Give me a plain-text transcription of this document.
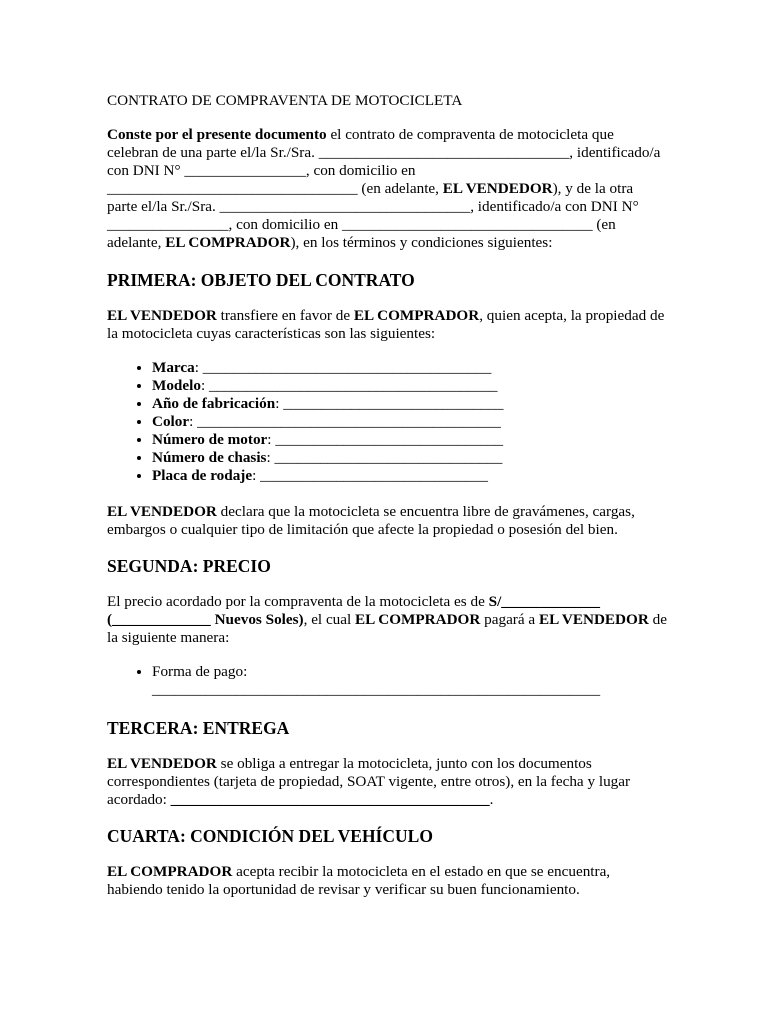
CONTRATO DE COMPRAVENTA DE MOTOCICLETA

Conste por el presente documento el contrato de compraventa de motocicleta que celebran de una parte el/la Sr./Sra. _________________________________, identificado/a con DNI N° ________________, con domicilio en _________________________________ (en adelante, EL VENDEDOR), y de la otra parte el/la Sr./Sra. _________________________________, identificado/a con DNI N° ________________, con domicilio en _________________________________ (en adelante, EL COMPRADOR), en los términos y condiciones siguientes:

PRIMERA: OBJETO DEL CONTRATO

EL VENDEDOR transfiere en favor de EL COMPRADOR, quien acepta, la propiedad de la motocicleta cuyas características son las siguientes:

• Marca: ______________________________________
• Modelo: ______________________________________
• Año de fabricación: _____________________________
• Color: ________________________________________
• Número de motor: ______________________________
• Número de chasis: ______________________________
• Placa de rodaje: ______________________________

EL VENDEDOR declara que la motocicleta se encuentra libre de gravámenes, cargas, embargos o cualquier tipo de limitación que afecte la propiedad o posesión del bien.

SEGUNDA: PRECIO

El precio acordado por la compraventa de la motocicleta es de S/_____________ (_____________ Nuevos Soles), el cual EL COMPRADOR pagará a EL VENDEDOR de la siguiente manera:

• Forma de pago: ___________________________________________________________
TERCERA: ENTREGA

EL VENDEDOR se obliga a entregar la motocicleta, junto con los documentos correspondientes (tarjeta de propiedad, SOAT vigente, entre otros), en la fecha y lugar acordado: __________________________________________.

CUARTA: CONDICIÓN DEL VEHÍCULO

EL COMPRADOR acepta recibir la motocicleta en el estado en que se encuentra, habiendo tenido la oportunidad de revisar y verificar su buen funcionamiento.
